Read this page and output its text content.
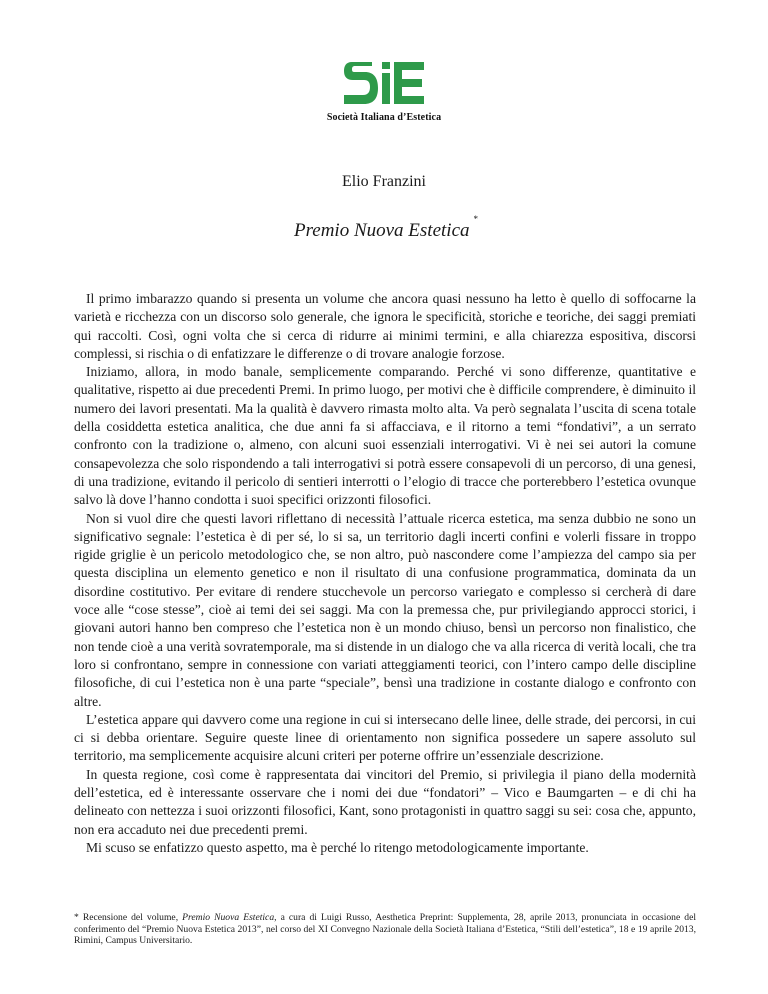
Società Italiana d’Estetica
Elio Franzini
Premio Nuova Estetica*

Il primo imbarazzo quando si presenta un volume che ancora quasi nessuno ha letto è quello di soffocarne la varietà e ricchezza con un discorso solo generale, che ignora le specificità, storiche e teoriche, dei saggi premiati qui raccolti. Così, ogni volta che si cerca di ridurre ai minimi termini, e alla chiarezza espositiva, discorsi complessi, si rischia o di enfatizzare le differenze o di trovare analogie forzose.

Iniziamo, allora, in modo banale, semplicemente comparando. Perché vi sono differenze, quantitative e qualitative, rispetto ai due precedenti Premi. In primo luogo, per motivi che è difficile comprendere, è diminuito il numero dei lavori presentati. Ma la qualità è davvero rimasta molto alta. Va però segnalata l’uscita di scena totale della cosiddetta estetica analitica, che due anni fa si affacciava, e il ritorno a temi “fondativi”, a un serrato confronto con la tradizione o, almeno, con alcuni suoi essenziali interrogativi. Vi è nei sei autori la comune consapevolezza che solo rispondendo a tali interrogativi si potrà essere consapevoli di un percorso, di una genesi, di una tradizione, evitando il pericolo di sentieri interrotti o l’elogio di tracce che porterebbero l’estetica ovunque salvo là dove l’hanno condotta i suoi specifici orizzonti filosofici.

Non si vuol dire che questi lavori riflettano di necessità l’attuale ricerca estetica, ma senza dubbio ne sono un significativo segnale: l’estetica è di per sé, lo si sa, un territorio dagli incerti confini e volerli fissare in troppo rigide griglie è un pericolo metodologico che, se non altro, può nascondere come l’ampiezza del campo sia per questa disciplina un elemento genetico e non il risultato di una confusione programmatica, dominata da un disordine costitutivo. Per evitare di rendere stucchevole un percorso variegato e complesso si cercherà di dare voce alle “cose stesse”, cioè ai temi dei sei saggi. Ma con la premessa che, pur privilegiando approcci storici, i giovani autori hanno ben compreso che l’estetica non è un mondo chiuso, bensì un percorso non finalistico, che non tende cioè a una verità sovratemporale, ma si distende in un dialogo che va alla ricerca di verità locali, che tra loro si confrontano, sempre in connessione con variati atteggiamenti teorici, con l’intero campo delle discipline filosofiche, di cui l’estetica non è una parte “speciale”, bensì una tradizione in costante dialogo e confronto con altre.

L’estetica appare qui davvero come una regione in cui si intersecano delle linee, delle strade, dei percorsi, in cui ci si debba orientare. Seguire queste linee di orientamento non significa possedere un sapere assoluto sul territorio, ma semplicemente acquisire alcuni criteri per poterne offrire un’essenziale descrizione.

In questa regione, così come è rappresentata dai vincitori del Premio, si privilegia il piano della modernità dell’estetica, ed è interessante osservare che i nomi dei due “fondatori” – Vico e Baumgarten – e di chi ha delineato con nettezza i suoi orizzonti filosofici, Kant, sono protagonisti in quattro saggi su sei: cosa che, appunto, non era accaduto nei due precedenti premi.

Mi scuso se enfatizzo questo aspetto, ma è perché lo ritengo metodologicamente importante.

* Recensione del volume, Premio Nuova Estetica, a cura di Luigi Russo, Aesthetica Preprint: Supplementa, 28, aprile 2013, pronunciata in occasione del conferimento del “Premio Nuova Estetica 2013”, nel corso del XI Convegno Nazionale della Società Italiana d’Estetica, “Stili dell’estetica”, 18 e 19 aprile 2013, Rimini, Campus Universitario.
